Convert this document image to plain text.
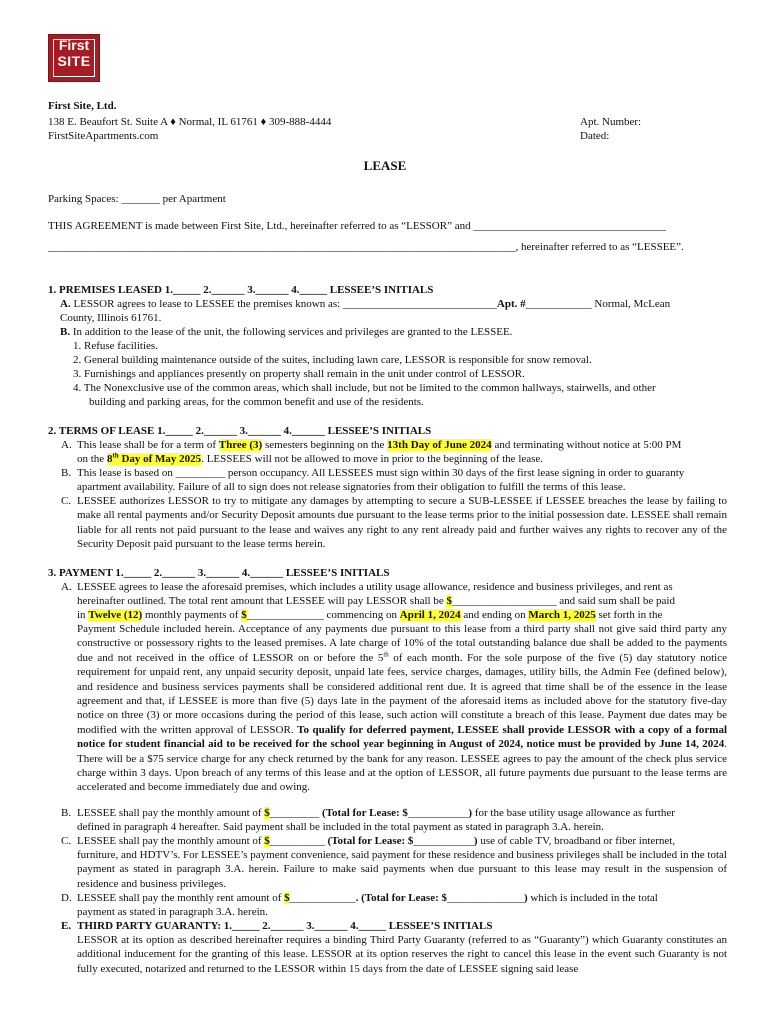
First
SITE
First Site, Ltd.
138 E. Beaufort St. Suite A ♦ Normal, IL 61761 ♦ 309-888-4444
FirstSiteApartments.com
Apt. Number:
Dated:
LEASE
Parking Spaces: _______ per Apartment
THIS AGREEMENT is made between First Site, Ltd., hereinafter referred to as “LESSOR” and ___________________________________
_____________________________________________________________________________________, hereinafter referred to as “LESSEE”.
1. PREMISES LEASED 1._____ 2.______ 3.______ 4._____ LESSEE’S INITIALS
A. LESSOR agrees to lease to LESSEE the premises known as: ____________________________Apt. #____________ Normal, McLean
County, Illinois 61761.
B. In addition to the lease of the unit, the following services and privileges are granted to the LESSEE.
1. Refuse facilities.
2. General building maintenance outside of the suites, including lawn care, LESSOR is responsible for snow removal.
3. Furnishings and appliances presently on property shall remain in the unit under control of LESSOR.
4. The Nonexclusive use of the common areas, which shall include, but not be limited to the common hallways, stairwells, and other
building and parking areas, for the common benefit and use of the residents.
2. TERMS OF LEASE 1._____ 2.______ 3.______ 4.______ LESSEE’S INITIALS
A. This lease shall be for a term of Three (3) semesters beginning on the 13th Day of June 2024 and terminating without notice at 5:00 PM
on the 8th Day of May 2025. LESSEES will not be allowed to move in prior to the beginning of the lease.
B. This lease is based on _________ person occupancy. All LESSEES must sign within 30 days of the first lease signing in order to guaranty
apartment availability. Failure of all to sign does not release signatories from their obligation to fulfill the terms of this lease.
C. LESSEE authorizes LESSOR to try to mitigate any damages by attempting to secure a SUB-LESSEE if LESSEE breaches the lease by failing to make all rental payments and/or Security Deposit amounts due pursuant to the lease terms prior to the initial possession date. LESSEE shall remain liable for all rents not paid pursuant to the lease and waives any right to any rent already paid and further waives any rights to recover any of the Security Deposit paid pursuant to the lease terms herein.
3. PAYMENT 1._____ 2.______ 3.______ 4.______ LESSEE’S INITIALS
A. LESSEE agrees to lease the aforesaid premises, which includes a utility usage allowance, residence and business privileges, and rent as
hereinafter outlined. The total rent amount that LESSEE will pay LESSOR shall be $___________________ and said sum shall be paid
in Twelve (12) monthly payments of $______________ commencing on April 1, 2024 and ending on March 1, 2025 set forth in the
Payment Schedule included herein. Acceptance of any payments due pursuant to this lease from a third party shall not give said third party any constructive or possessory rights to the leased premises. A late charge of 10% of the total outstanding balance due shall be added to the payments due and not received in the office of LESSOR on or before the 5th of each month. For the sole purpose of the five (5) day statutory notice requirement for unpaid rent, any unpaid security deposit, unpaid late fees, service charges, damages, utility bills, the Admin Fee (defined below), and residence and business services payments shall be considered additional rent due. It is agreed that time shall be of the essence in the lease agreement and that, if LESSEE is more than five (5) days late in the payment of the aforesaid items as included above for the statutory five-day notice on three (3) or more occasions during the period of this lease, such action will constitute a breach of this lease. Payment due dates may be modified with the written approval of LESSOR. To qualify for deferred payment, LESSEE shall provide LESSOR with a copy of a formal notice for student financial aid to be received for the school year beginning in August of 2024, notice must be provided by June 14, 2024. There will be a $75 service charge for any check returned by the bank for any reason. LESSEE agrees to pay the amount of the check plus service charge within 3 days. Upon breach of any terms of this lease and at the option of LESSOR, all future payments due pursuant to the lease terms are accelerated and become immediately due and owing.
B. LESSEE shall pay the monthly amount of $_________ (Total for Lease: $___________) for the base utility usage allowance as further
defined in paragraph 4 hereafter. Said payment shall be included in the total payment as stated in paragraph 3.A. herein.
C. LESSEE shall pay the monthly amount of $__________ (Total for Lease: $___________) use of cable TV, broadband or fiber internet,
furniture, and HDTV’s. For LESSEE’s payment convenience, said payment for these residence and business privileges shall be included in the total payment as stated in paragraph 3.A. herein. Failure to make said payments when due pursuant to this lease may result in the suspension of residence and business privileges.
D. LESSEE shall pay the monthly rent amount of $____________. (Total for Lease: $______________) which is included in the total
payment as stated in paragraph 3.A. herein.
E. THIRD PARTY GUARANTY: 1._____ 2.______ 3.______ 4._____ LESSEE’S INITIALS
LESSOR at its option as described hereinafter requires a binding Third Party Guaranty (referred to as “Guaranty”) which Guaranty constitutes an additional inducement for the granting of this lease. LESSOR at its option reserves the right to cancel this lease in the event such Guaranty is not fully executed, notarized and returned to the LESSOR within 15 days from the date of LESSEE signing said lease
